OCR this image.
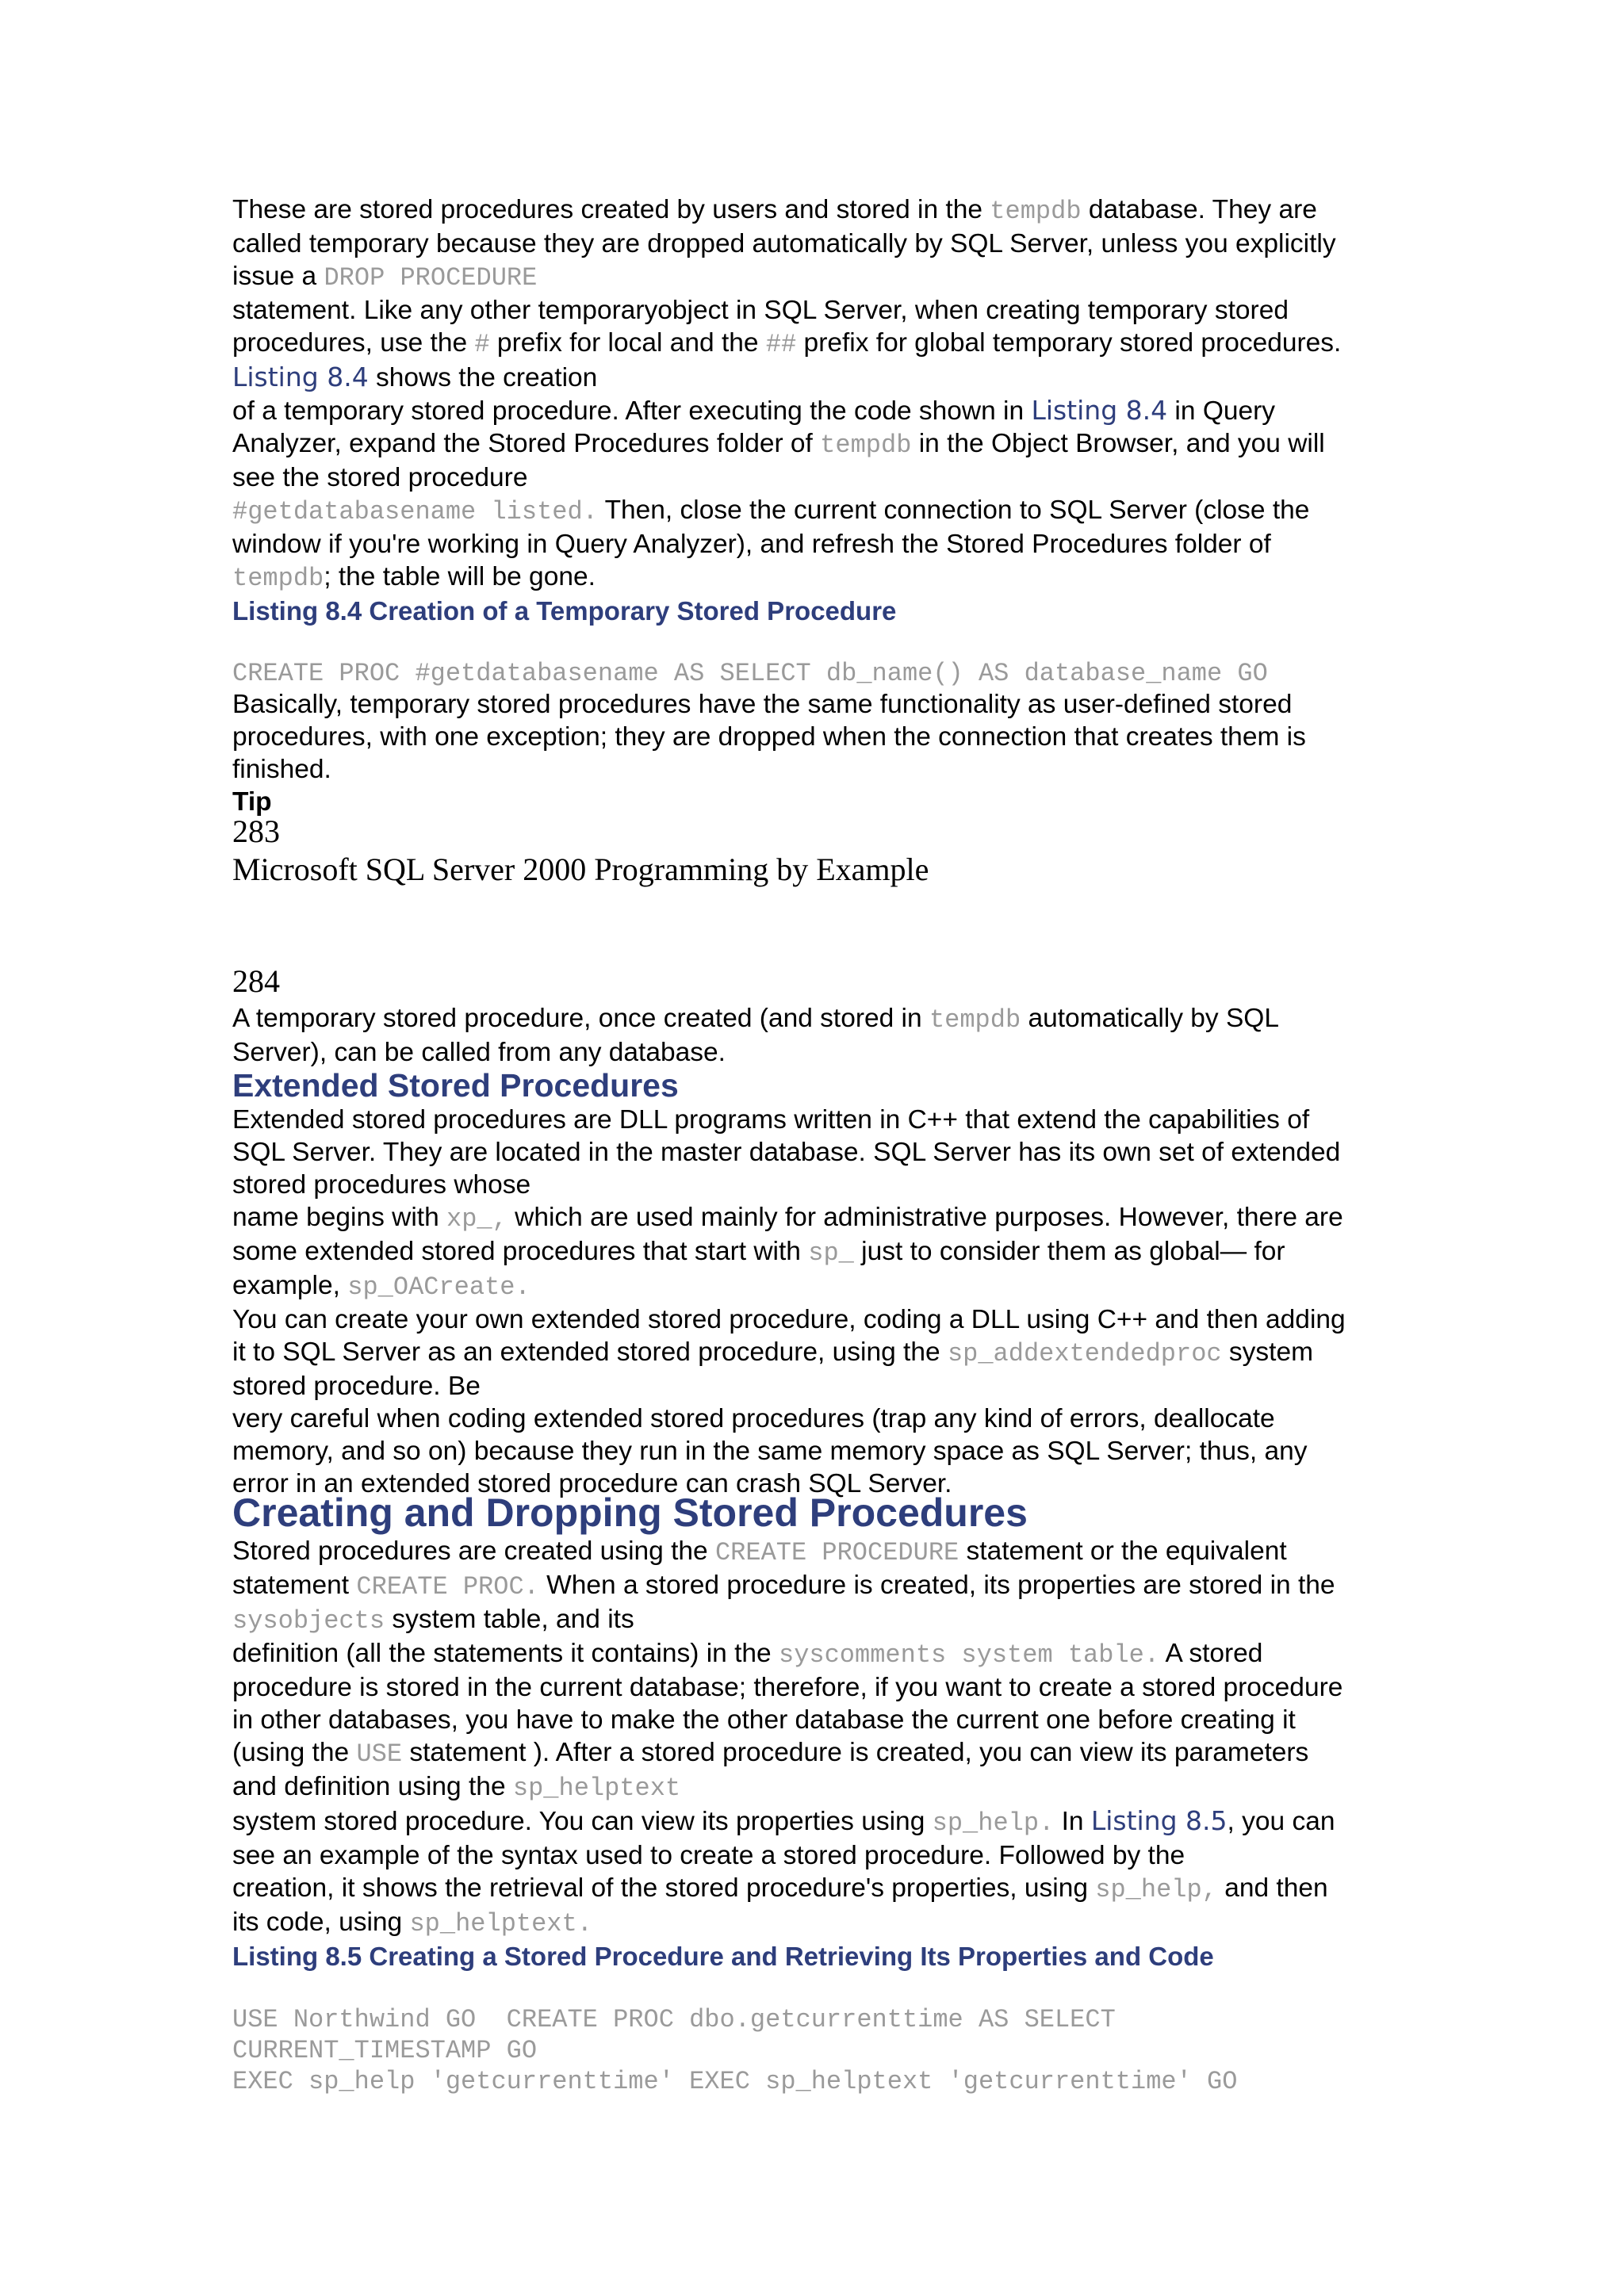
These are stored procedures created by users and stored in the tempdb database. They are

called temporary because they are dropped automatically by SQL Server, unless you explicitly

issue a DROP PROCEDURE

statement. Like any other temporaryobject in SQL Server, when creating temporary stored

procedures, use the # prefix for local and the ## prefix for global temporary stored procedures.

Listing 8.4 shows the creation

of a temporary stored procedure. After executing the code shown in Listing 8.4 in Query

Analyzer, expand the Stored Procedures folder of tempdb in the Object Browser, and you will

see the stored procedure

#getdatabasename listed. Then, close the current connection to SQL Server (close the

window if you're working in Query Analyzer), and refresh the Stored Procedures folder of

tempdb; the table will be gone.

Listing 8.4 Creation of a Temporary Stored Procedure

CREATE PROC #getdatabasename AS SELECT db_name() AS database_name GO

Basically, temporary stored procedures have the same functionality as user-defined stored

procedures, with one exception; they are dropped when the connection that creates them is

finished.

Tip

283

Microsoft SQL Server 2000 Programming by Example

284

A temporary stored procedure, once created (and stored in tempdb automatically by SQL

Server), can be called from any database.

Extended Stored Procedures

Extended stored procedures are DLL programs written in C++ that extend the capabilities of

SQL Server. They are located in the master database. SQL Server has its own set of extended

stored procedures whose

name begins with xp_, which are used mainly for administrative purposes. However, there are

some extended stored procedures that start with sp_ just to consider them as global— for

example, sp_OACreate.

You can create your own extended stored procedure, coding a DLL using C++ and then adding

it to SQL Server as an extended stored procedure, using the sp_addextendedproc system

stored procedure. Be

very careful when coding extended stored procedures (trap any kind of errors, deallocate

memory, and so on) because they run in the same memory space as SQL Server; thus, any

error in an extended stored procedure can crash SQL Server.

Creating and Dropping Stored Procedures

Stored procedures are created using the CREATE PROCEDURE statement or the equivalent

statement CREATE PROC. When a stored procedure is created, its properties are stored in the

sysobjects system table, and its

definition (all the statements it contains) in the syscomments system table. A stored

procedure is stored in the current database; therefore, if you want to create a stored procedure

in other databases, you have to make the other database the current one before creating it

(using the USE statement ). After a stored procedure is created, you can view its parameters

and definition using the sp_helptext

system stored procedure. You can view its properties using sp_help. In Listing 8.5, you can

see an example of the syntax used to create a stored procedure. Followed by the

creation, it shows the retrieval of the stored procedure's properties, using sp_help, and then

its code, using sp_helptext.

Listing 8.5 Creating a Stored Procedure and Retrieving Its Properties and Code

USE Northwind GO  CREATE PROC dbo.getcurrenttime AS SELECT

CURRENT_TIMESTAMP GO

EXEC sp_help 'getcurrenttime' EXEC sp_helptext 'getcurrenttime' GO
